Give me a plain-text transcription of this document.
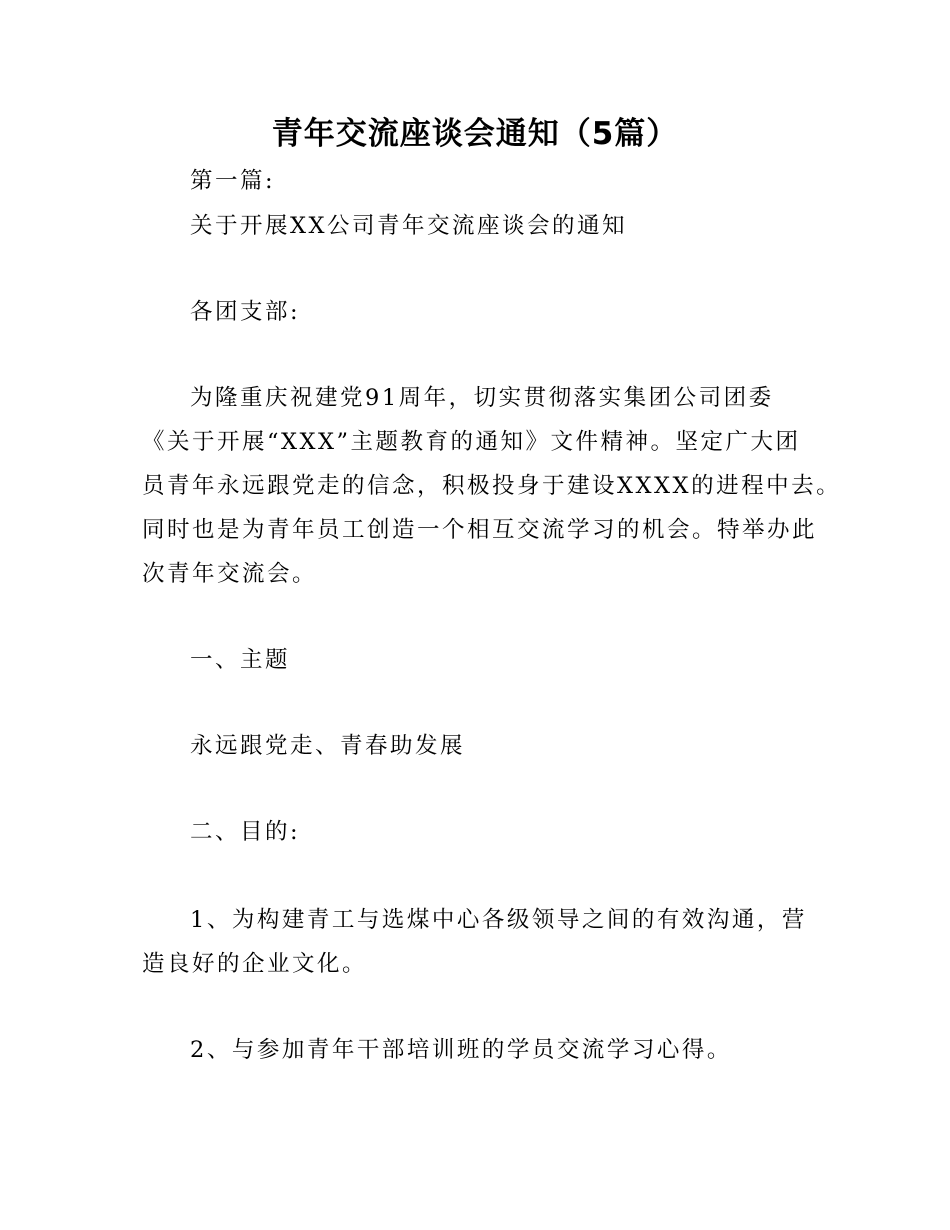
青年交流座谈会通知（5篇）
第一篇:
关于开展XX公司青年交流座谈会的通知
各团支部:
为隆重庆祝建党91周年，切实贯彻落实集团公司团委
《关于开展“XXX”主题教育的通知》文件精神。坚定广大团
员青年永远跟党走的信念，积极投身于建设XXXX的进程中去。
同时也是为青年员工创造一个相互交流学习的机会。特举办此
次青年交流会。
一、主题
永远跟党走、青春助发展
二、目的:
1、为构建青工与选煤中心各级领导之间的有效沟通，营
造良好的企业文化。
2、与参加青年干部培训班的学员交流学习心得。
